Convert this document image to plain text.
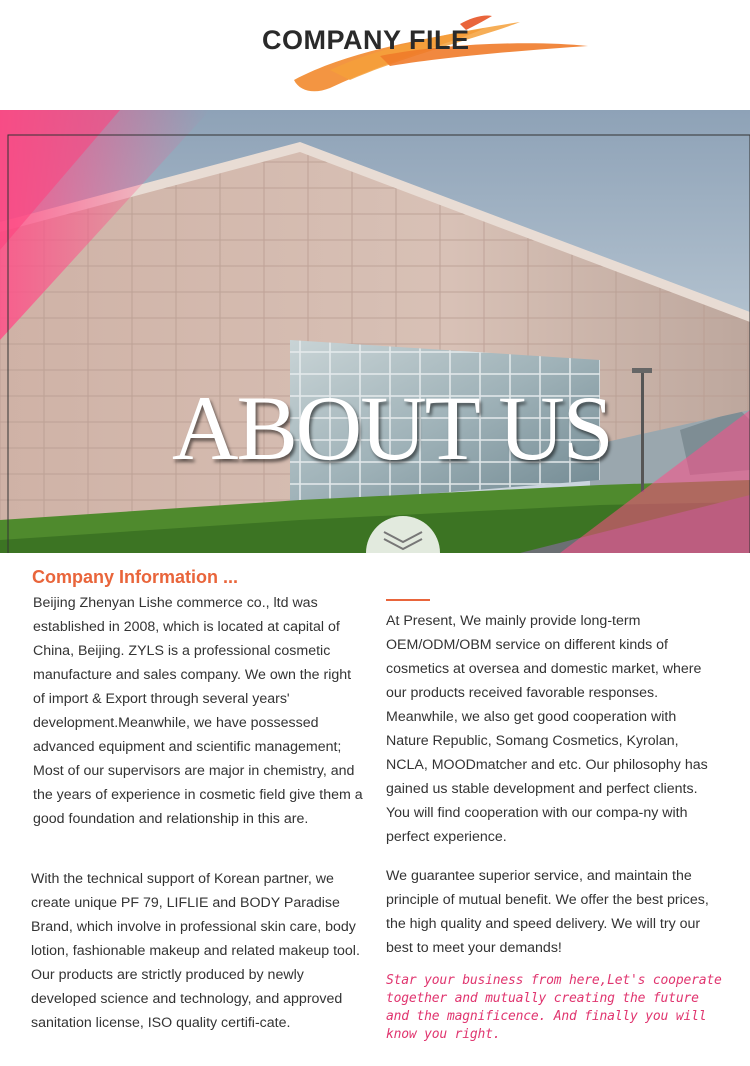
COMPANY FILE
ABOUT US
Company Information ...

Beijing Zhenyan Lishe commerce co., ltd was established in 2008, which is located at capital of China, Beijing. ZYLS is a professional cosmetic manufacture and sales company. We own the right of import & Export through several years' development.Meanwhile, we have possessed advanced equipment and scientific management; Most of our supervisors are major in chemistry, and the years of experience in cosmetic field give them a good foundation and relationship in this are.

With the technical support of Korean partner, we create unique PF 79, LIFLIE and BODY Paradise Brand, which involve in professional skin care, body lotion, fashionable makeup and related makeup tool. Our products are strictly produced by newly developed science and technology, and approved sanitation license, ISO quality certifi-cate.

At Present, We mainly provide long-term OEM/ODM/OBM service on different kinds of cosmetics at oversea and domestic market, where our products received favorable responses. Meanwhile, we also get good cooperation with Nature Republic, Somang Cosmetics, Kyrolan, NCLA, MOODmatcher and etc. Our philosophy has gained us stable development and perfect clients. You will find cooperation with our compa-ny with perfect experience.

We guarantee superior service, and maintain the principle of mutual benefit. We offer the best prices, the high quality and speed delivery. We will try our best to meet your demands!

Star your business from here,Let's cooperate together and mutually creating the future and the magnificence. And finally you will know you right.
